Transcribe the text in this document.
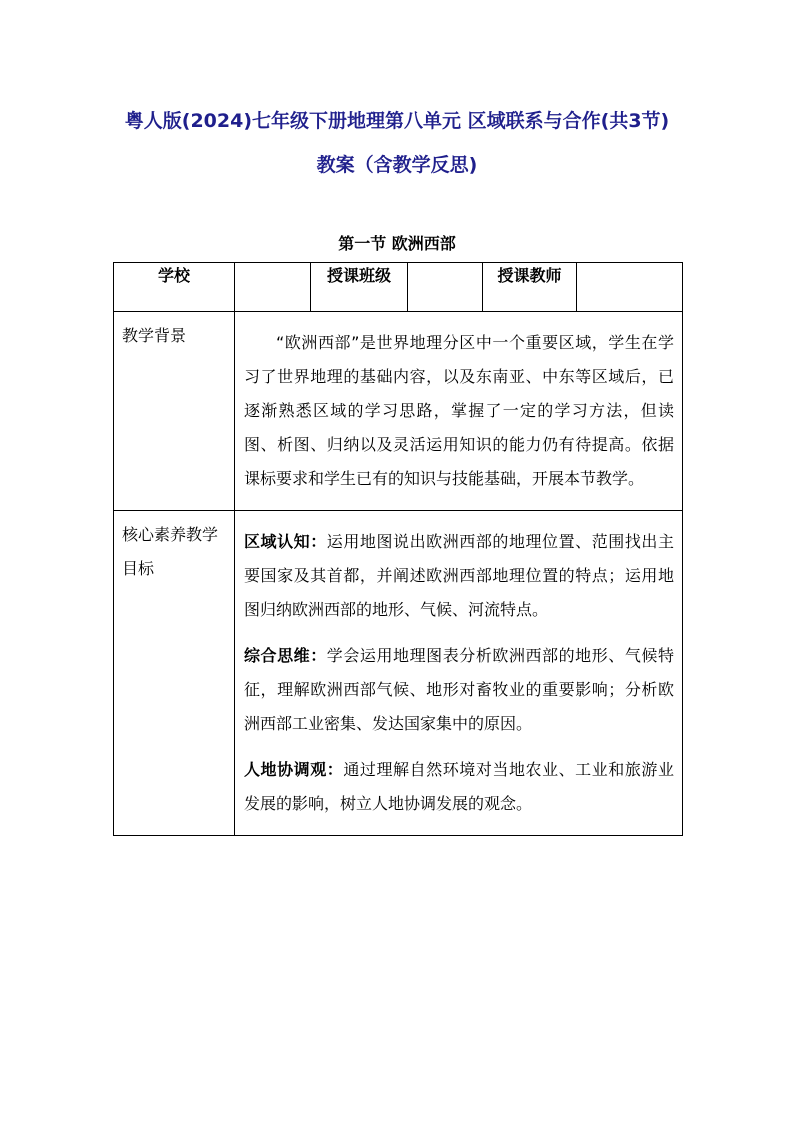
粤人版(2024)七年级下册地理第八单元 区域联系与合作(共3节)
教案（含教学反思)
第一节 欧洲西部
学校		授课班级		授课教师	

教学背景	“欧洲西部”是世界地理分区中一个重要区域，学生在学习了世界地理的基础内容，以及东南亚、中东等区域后，已逐渐熟悉区域的学习思路，掌握了一定的学习方法，但读图、析图、归纳以及灵活运用知识的能力仍有待提高。依据课标要求和学生已有的知识与技能基础，开展本节教学。				

核心素养教学目标	区域认知：运用地图说出欧洲西部的地理位置、范围找出主要国家及其首都，并阐述欧洲西部地理位置的特点；运用地图归纳欧洲西部的地形、气候、河流特点。

综合思维：学会运用地理图表分析欧洲西部的地形、气候特征，理解欧洲西部气候、地形对畜牧业的重要影响；分析欧洲西部工业密集、发达国家集中的原因。

人地协调观：通过理解自然环境对当地农业、工业和旅游业发展的影响，树立人地协调发展的观念。				
